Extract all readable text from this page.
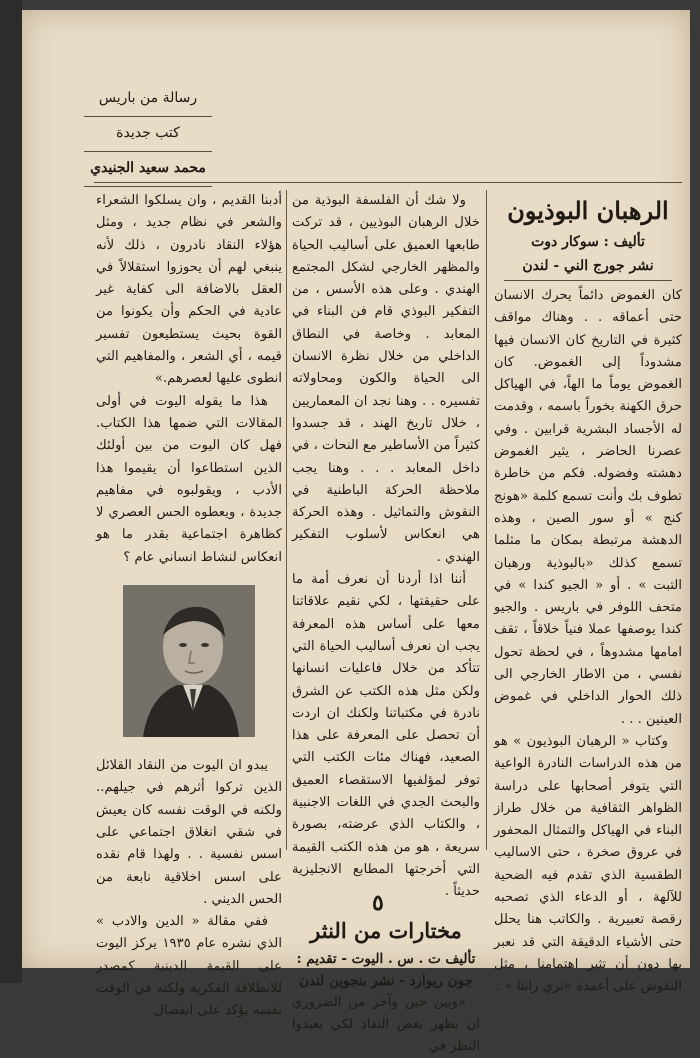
رسالة من باريس
كتب جديدة
محمد سعيد الجنيدي
الرهبان البوذيون
تأليف : سوكار دوت
نشر جورج الني - لندن

كان الغموض دائماً يحرك الانسان حتى أعماقه . . وهناك مواقف كثيرة في التاريخ كان الانسان فيها مشدوداً إلى الغموض. كان الغموض يوماً ما الهاً، في الهياكل حرق الكهنة بخوراً باسمه ، وقدمت له الأجساد البشرية قرابين . وفي عصرنا الحاضر ، يثير الغموض دهشته وفضوله. فكم من خاطرة تطوف بك وأنت تسمع كلمة «هونج كنج » أو سور الصين ، وهذه الدهشة مرتبطة بمكان ما مثلما تسمع كذلك «بالبوذية ورهبان التبت » . أو « الجيو كندا » في متحف اللوفر في باريس . والجيو كندا يوصفها عملا فنياً خلاقاً ، تقف امامها مشدوهاً ، في لحظة تحول نفسي ، من الاطار الخارجي الى ذلك الحوار الداخلي في غموض العينين . . .

وكتاب « الرهبان البوذيون » هو من هذه الدراسات النادرة الواعية التي يتوفر أصحابها على دراسة الظواهر الثقافية من خلال طراز البناء في الهياكل والتمثال المحفور في عروق صخرة ، حتى الاساليب الطقسية الذي تقدم فيه الضحية للآلهة ، أو الدعاء الذي تصحبه رقصة تعبيرية . والكاتب هنا يحلل حتى الأشياء الدقيقة التي قد نعبر بها دون أن تثير اهتمامنا ، مثل النقوش على أعمدة «تري رانتا » .

ولا شك أن الفلسفة البوذية من خلال الرهبان البوذيين ، قد تركت طابعها العميق على أساليب الحياة والمظهر الخارجي لشكل المجتمع الهندي . وعلى هذه الأسس ، من التفكير البوذي قام فن البناء في المعابد . وخاصة في النطاق الداخلي من خلال نظرة الانسان الى الحياة والكون ومحاولاته تفسيره . . وهنا نجد ان المعماريين ، خلال تاريخ الهند ، قد جسدوا كثيراً من الأساطير مع النحات ، في داخل المعابد . . . وهنا يجب ملاحظة الحركة الباطنية في النقوش والتماثيل . وهذه الحركة هي انعكاس لأسلوب التفكير الهندي .

أننا اذا أردنا أن نعرف أمة ما على حقيقتها ، لكي نقيم علاقاتنا معها على أساس هذه المعرفة يجب ان نعرف أساليب الحياة التي تتأكد من خلال فاعليات انسانها ولكن مثل هذه الكتب عن الشرق نادرة في مكتباتنا ولكنك ان اردت أن تحصل على المعرفة على هذا الصعيد، فهناك مئات الكتب التي توفر لمؤلفيها الاستقصاء العميق والبحث الجدي في اللغات الاجنبية ، والكتاب الذي عرضته، بصورة سريعة ، هو من هذه الكتب القيمة التي أخرجتها المطابع الانجليزية حديثاً .

مختارات من النثر
تأليف ت . س . اليوت - تقديم :
جون ريوارد - نشر بنجوين لندن

«وبين حين وآخر من الضروري ان يظهر بعض النقاد لكي يعيدوا النظر في

أدبنا القديم ، وان يسلكوا الشعراء والشعر في نظام جديد ، ومثل هؤلاء النقاد نادرون ، ذلك لأنه ينبغي لهم أن يحوزوا استقلالاً في العقل بالاضافة الى كفاية غير عادية في الحكم وأن يكونوا من القوة بحيث يستطيعون تفسير قيمه ، أي الشعر ، والمفاهيم التي انطوى عليها لعصرهم.»

هذا ما يقوله اليوت في أولى المقالات التي ضمها هذا الكتاب. فهل كان اليوت من بين أولئك الذين استطاعوا أن يقيموا هذا الأدب ، ويقولبوه في مفاهيم جديدة ، ويعطوه الحس العصري لا كظاهرة اجتماعية بقدر ما هو انعكاس لنشاط انساني عام ؟

يبدو ان اليوت من النقاد القلائل الذين تركوا أثرهم في جيلهم.. ولكنه في الوقت نفسه كان يعيش في شقي انغلاق اجتماعي على اسس نفسية . . ولهذا قام نقده على اسس اخلاقية نابعة من الحس الديني .

ففي مقالة « الدين والادب » الذي نشره عام ١٩٣٥ يركز اليوت على القيمة الدينية كمصدر للانطلاقة الفكرية ولكنه في الوقت نفسه يؤكد على انفصال

٥
